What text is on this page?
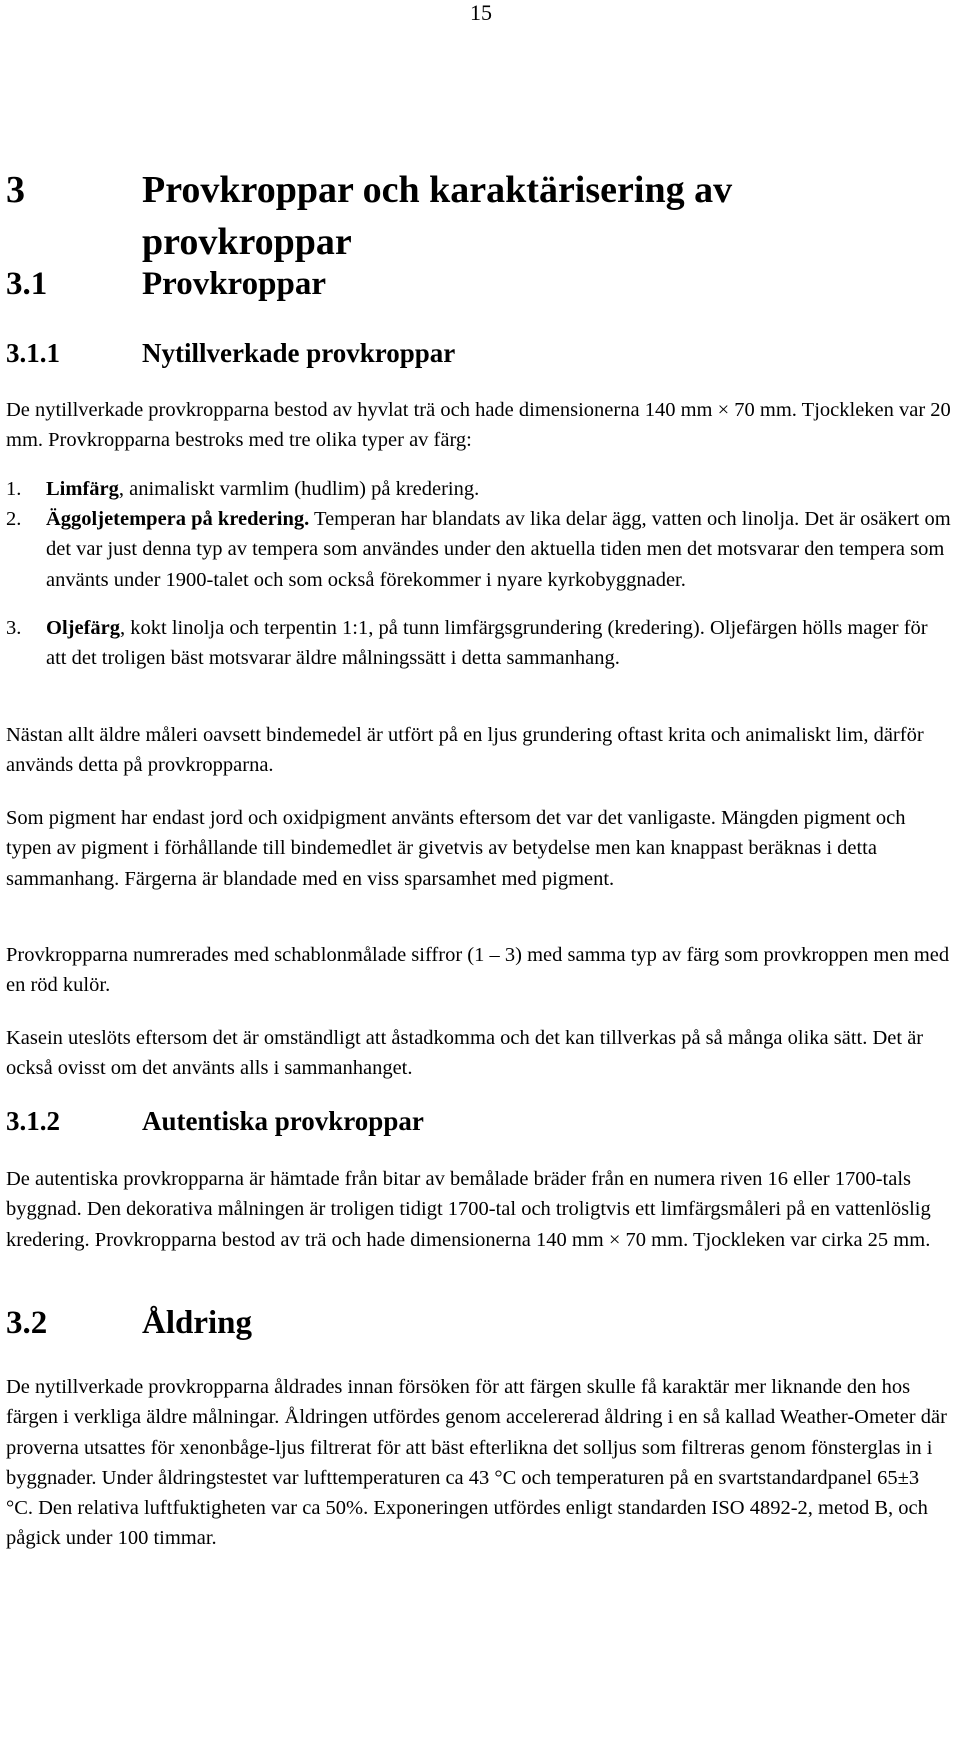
15
3	Provkroppar och karaktärisering av provkroppar
3.1	Provkroppar
3.1.1	Nytillverkade provkroppar

De nytillverkade provkropparna bestod av hyvlat trä och hade dimensionerna 140 mm × 70 mm. Tjockleken var 20 mm. Provkropparna bestroks med tre olika typer av färg:

1. Limfärg, animaliskt varmlim (hudlim) på kredering.
2. Äggoljetempera på kredering. Temperan har blandats av lika delar ägg, vatten och linolja. Det är osäkert om det var just denna typ av tempera som användes under den aktuella tiden men det motsvarar den tempera som använts under 1900-talet och som också förekommer i nyare kyrkobyggnader.
3. Oljefärg, kokt linolja och terpentin 1:1, på tunn limfärgsgrundering (kredering). Oljefärgen hölls mager för att det troligen bäst motsvarar äldre målningssätt i detta sammanhang.

Nästan allt äldre måleri oavsett bindemedel är utfört på en ljus grundering oftast krita och animaliskt lim, därför används detta på provkropparna.

Som pigment har endast jord och oxidpigment använts eftersom det var det vanligaste. Mängden pigment och typen av pigment i förhållande till bindemedlet är givetvis av betydelse men kan knappast beräknas i detta sammanhang. Färgerna är blandade med en viss sparsamhet med pigment.

Provkropparna numrerades med schablonmålade siffror (1 – 3) med samma typ av färg som provkroppen men med en röd kulör.

Kasein uteslöts eftersom det är omständligt att åstadkomma och det kan tillverkas på så många olika sätt. Det är också ovisst om det använts alls i sammanhanget.

3.1.2	Autentiska provkroppar

De autentiska provkropparna är hämtade från bitar av bemålade bräder från en numera riven 16 eller 1700-tals byggnad. Den dekorativa målningen är troligen tidigt 1700-tal och troligtvis ett limfärgsmåleri på en vattenlöslig kredering. Provkropparna bestod av trä och hade dimensionerna 140 mm × 70 mm. Tjockleken var cirka 25 mm.

3.2	Åldring

De nytillverkade provkropparna åldrades innan försöken för att färgen skulle få karaktär mer liknande den hos färgen i verkliga äldre målningar. Åldringen utfördes genom accelererad åldring i en så kallad Weather-Ometer där proverna utsattes för xenonbåge-ljus filtrerat för att bäst efterlikna det solljus som filtreras genom fönsterglas in i byggnader. Under åldringstestet var lufttemperaturen ca 43 °C och temperaturen på en svartstandardpanel 65±3 °C. Den relativa luftfuktigheten var ca 50%. Exponeringen utfördes enligt standarden ISO 4892-2, metod B, och pågick under 100 timmar.
